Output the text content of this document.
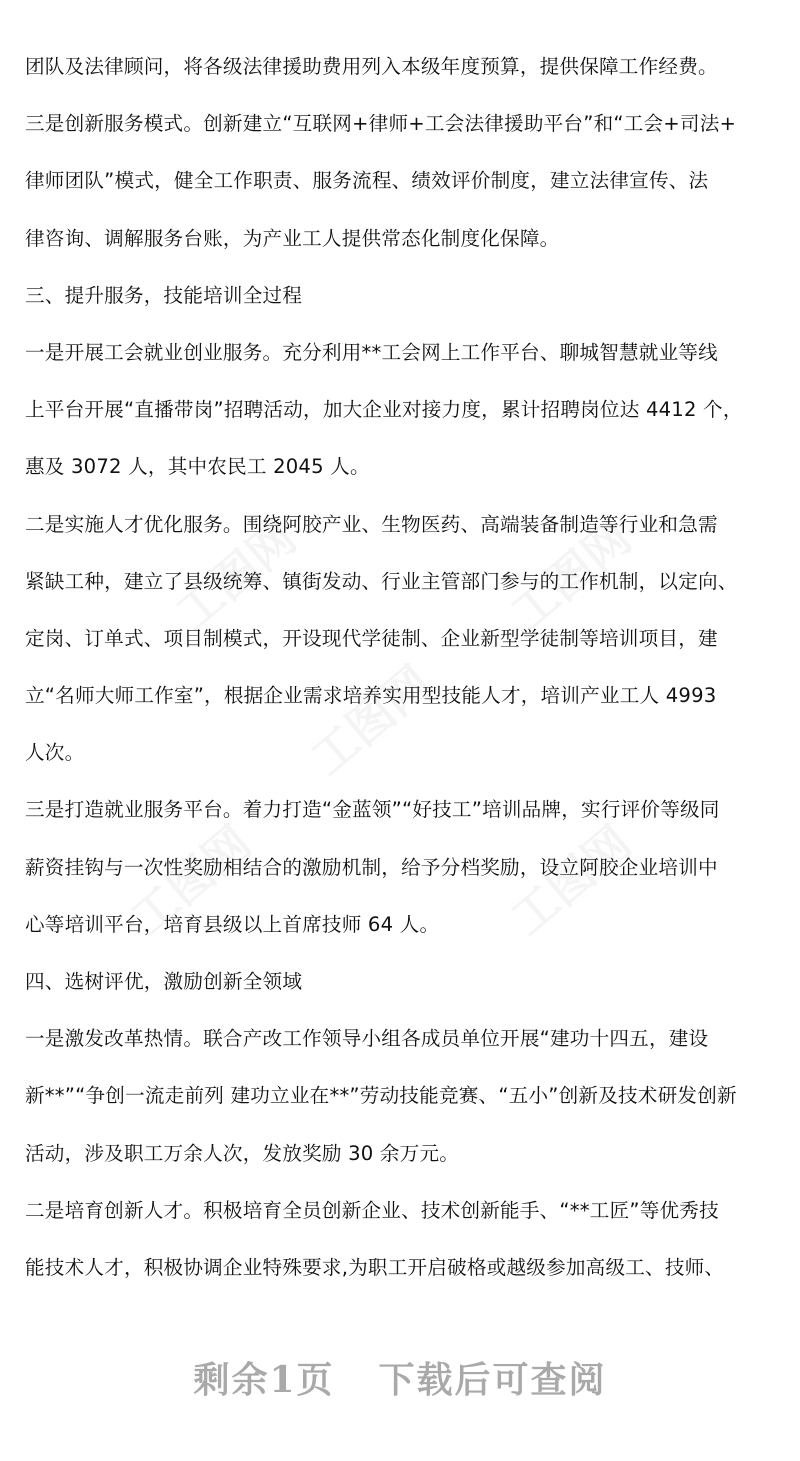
团队及法律顾问，将各级法律援助费用列入本级年度预算，提供保障工作经费。
三是创新服务模式。创新建立“互联网+律师+工会法律援助平台”和“工会+司法+
律师团队”模式，健全工作职责、服务流程、绩效评价制度，建立法律宣传、法
律咨询、调解服务台账，为产业工人提供常态化制度化保障。
三、提升服务，技能培训全过程
一是开展工会就业创业服务。充分利用**工会网上工作平台、聊城智慧就业等线
上平台开展“直播带岗”招聘活动，加大企业对接力度，累计招聘岗位达 4412 个，
惠及 3072 人，其中农民工 2045 人。
二是实施人才优化服务。围绕阿胶产业、生物医药、高端装备制造等行业和急需
紧缺工种，建立了县级统筹、镇街发动、行业主管部门参与的工作机制，以定向、
定岗、订单式、项目制模式，开设现代学徒制、企业新型学徒制等培训项目，建
立“名师大师工作室”，根据企业需求培养实用型技能人才，培训产业工人 4993
人次。
三是打造就业服务平台。着力打造“金蓝领”“好技工”培训品牌，实行评价等级同
薪资挂钩与一次性奖励相结合的激励机制，给予分档奖励，设立阿胶企业培训中
心等培训平台，培育县级以上首席技师 64 人。
四、选树评优，激励创新全领域
一是激发改革热情。联合产改工作领导小组各成员单位开展“建功十四五，建设
新**”“争创一流走前列 建功立业在**”劳动技能竞赛、“五小”创新及技术研发创新
活动，涉及职工万余人次，发放奖励 30 余万元。
二是培育创新人才。积极培育全员创新企业、技术创新能手、“**工匠”等优秀技
能技术人才，积极协调企业特殊要求,为职工开启破格或越级参加高级工、技师、
剩余1页 下载后可查阅
